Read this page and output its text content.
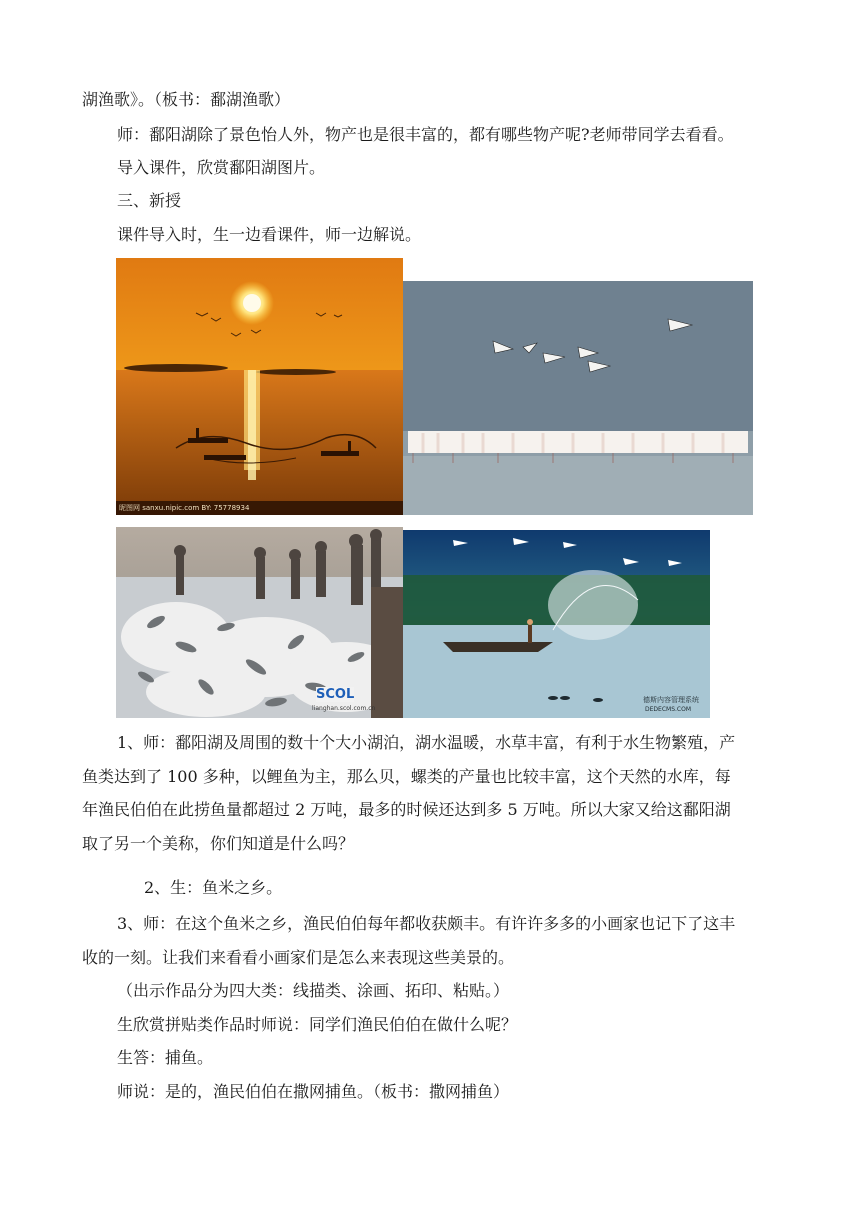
湖渔歌》。（板书：鄱湖渔歌）
师：鄱阳湖除了景色怡人外，物产也是很丰富的，都有哪些物产呢?老师带同学去看看。
导入课件，欣赏鄱阳湖图片。
三、新授
课件导入时，生一边看课件，师一边解说。
昵图网 sanxu.nipic.com BY: 75778934
SCOL
lianghan.scol.com.cn
德斯内容管理系统
DEDECMS.COM
1、师：鄱阳湖及周围的数十个大小湖泊，湖水温暖，水草丰富，有利于水生物繁殖，产
鱼类达到了 100 多种，以鲤鱼为主，那么贝，螺类的产量也比较丰富，这个天然的水库，每
年渔民伯伯在此捞鱼量都超过 2 万吨，最多的时候还达到多 5 万吨。所以大家又给这鄱阳湖
取了另一个美称，你们知道是什么吗？
2、生：鱼米之乡。
3、师：在这个鱼米之乡，渔民伯伯每年都收获颇丰。有许许多多的小画家也记下了这丰
收的一刻。让我们来看看小画家们是怎么来表现这些美景的。
（出示作品分为四大类：线描类、涂画、拓印、粘贴。）
生欣赏拼贴类作品时师说：同学们渔民伯伯在做什么呢？
生答：捕鱼。
师说：是的，渔民伯伯在撒网捕鱼。（板书：撒网捕鱼）
